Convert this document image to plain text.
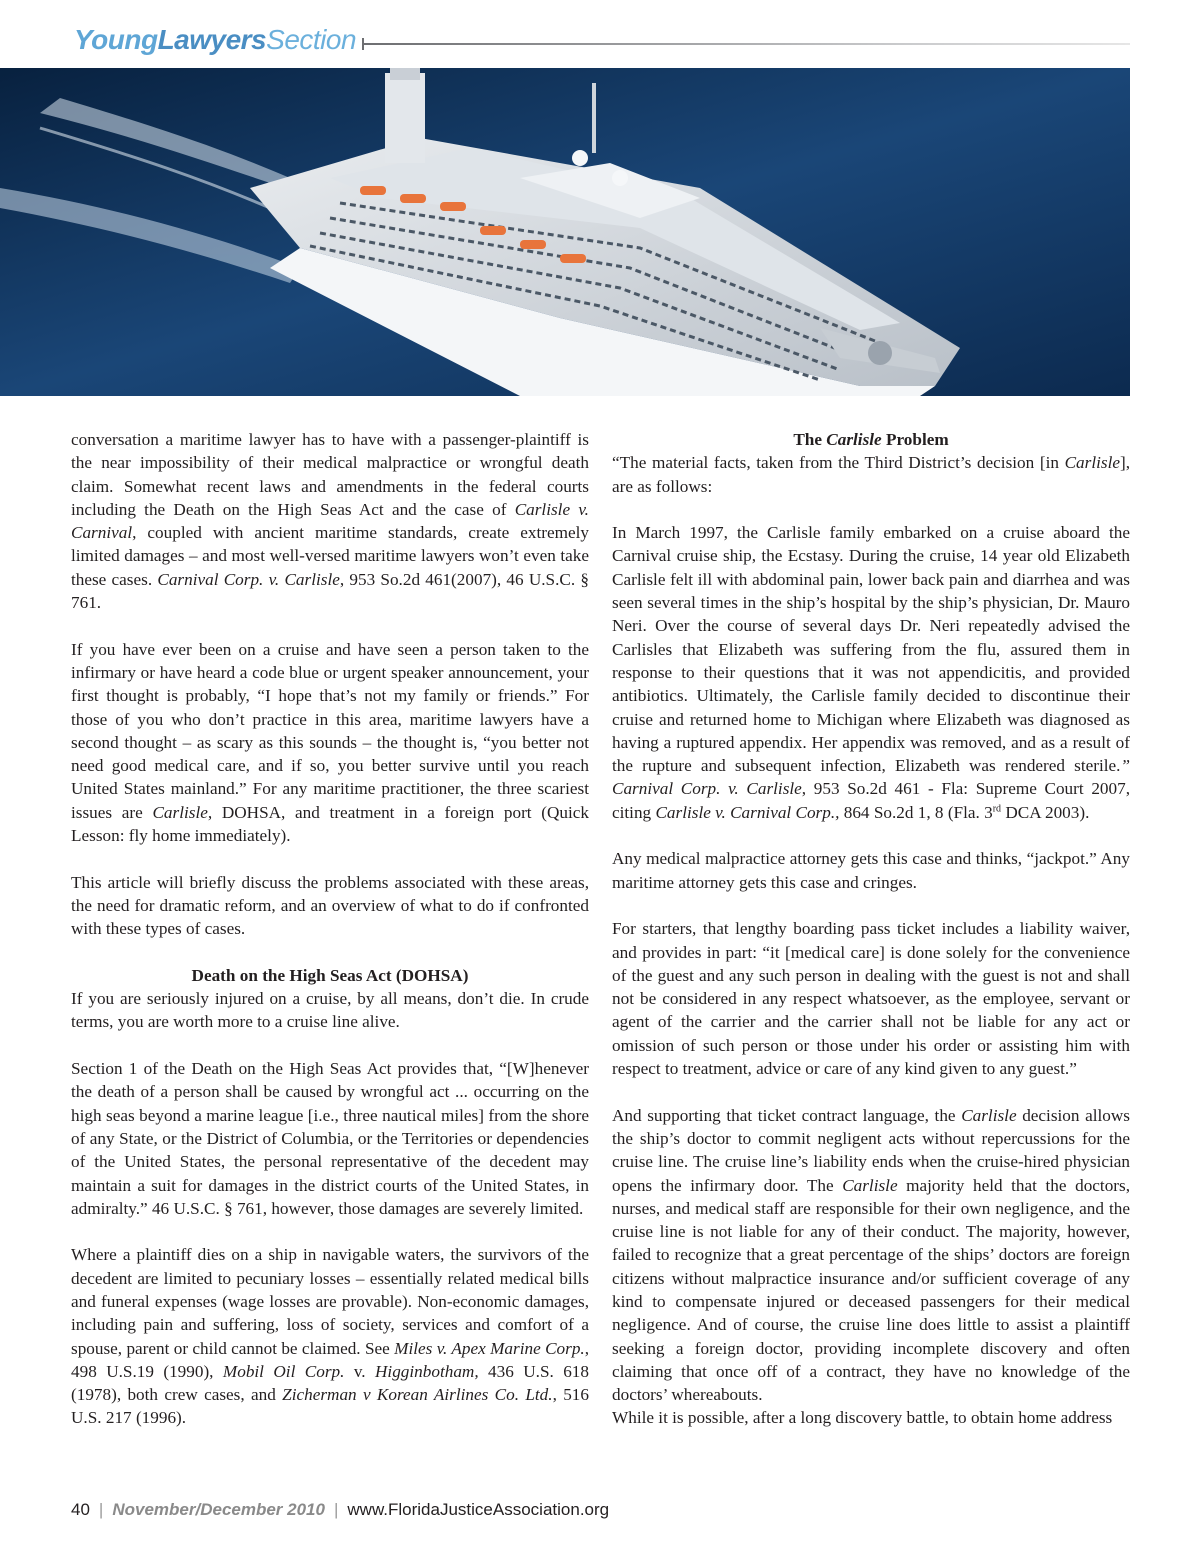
YoungLawyersSection

conversation a maritime lawyer has to have with a passenger-plaintiff is the near impossibility of their medical malpractice or wrongful death claim. Somewhat recent laws and amendments in the federal courts including the Death on the High Seas Act and the case of Carlisle v. Carnival, coupled with ancient maritime standards, create extremely limited damages – and most well-versed maritime lawyers won’t even take these cases. Carnival Corp. v. Carlisle, 953 So.2d 461(2007), 46 U.S.C. § 761.

If you have ever been on a cruise and have seen a person taken to the infirmary or have heard a code blue or urgent speaker announcement, your first thought is probably, “I hope that’s not my family or friends.” For those of you who don’t practice in this area, maritime lawyers have a second thought – as scary as this sounds – the thought is, “you better not need good medical care, and if so, you better survive until you reach United States mainland.” For any maritime practitioner, the three scariest issues are Carlisle, DOHSA, and treatment in a foreign port (Quick Lesson: fly home immediately).

This article will briefly discuss the problems associated with these areas, the need for dramatic reform, and an overview of what to do if confronted with these types of cases.

Death on the High Seas Act (DOHSA)

If you are seriously injured on a cruise, by all means, don’t die. In crude terms, you are worth more to a cruise line alive.

Section 1 of the Death on the High Seas Act provides that, “[W]henever the death of a person shall be caused by wrongful act ... occurring on the high seas beyond a marine league [i.e., three nautical miles] from the shore of any State, or the District of Columbia, or the Territories or dependencies of the United States, the personal representative of the decedent may maintain a suit for damages in the district courts of the United States, in admiralty.” 46 U.S.C. § 761, however, those damages are severely limited.

Where a plaintiff dies on a ship in navigable waters, the survivors of the decedent are limited to pecuniary losses – essentially related medical bills and funeral expenses (wage losses are provable). Non-economic damages, including pain and suffering, loss of society, services and comfort of a spouse, parent or child cannot be claimed. See Miles v. Apex Marine Corp., 498 U.S.19 (1990), Mobil Oil Corp. v. Higginbotham, 436 U.S. 618 (1978), both crew cases, and Zicherman v Korean Airlines Co. Ltd., 516 U.S. 217 (1996).

The Carlisle Problem

“The material facts, taken from the Third District’s decision [in Carlisle], are as follows:

In March 1997, the Carlisle family embarked on a cruise aboard the Carnival cruise ship, the Ecstasy. During the cruise, 14 year old Elizabeth Carlisle felt ill with abdominal pain, lower back pain and diarrhea and was seen several times in the ship’s hospital by the ship’s physician, Dr. Mauro Neri. Over the course of several days Dr. Neri repeatedly advised the Carlisles that Elizabeth was suffering from the flu, assured them in response to their questions that it was not appendicitis, and provided antibiotics. Ultimately, the Carlisle family decided to discontinue their cruise and returned home to Michigan where Elizabeth was diagnosed as having a ruptured appendix. Her appendix was removed, and as a result of the rupture and subsequent infection, Elizabeth was rendered sterile.” Carnival Corp. v. Carlisle, 953 So.2d 461 - Fla: Supreme Court 2007, citing Carlisle v. Carnival Corp., 864 So.2d 1, 8 (Fla. 3rd DCA 2003).

Any medical malpractice attorney gets this case and thinks, “jackpot.” Any maritime attorney gets this case and cringes.

For starters, that lengthy boarding pass ticket includes a liability waiver, and provides in part: “it [medical care] is done solely for the convenience of the guest and any such person in dealing with the guest is not and shall not be considered in any respect whatsoever, as the employee, servant or agent of the carrier and the carrier shall not be liable for any act or omission of such person or those under his order or assisting him with respect to treatment, advice or care of any kind given to any guest.”

And supporting that ticket contract language, the Carlisle decision allows the ship’s doctor to commit negligent acts without repercussions for the cruise line. The cruise line’s liability ends when the cruise-hired physician opens the infirmary door. The Carlisle majority held that the doctors, nurses, and medical staff are responsible for their own negligence, and the cruise line is not liable for any of their conduct. The majority, however, failed to recognize that a great percentage of the ships’ doctors are foreign citizens without malpractice insurance and/or sufficient coverage of any kind to compensate injured or deceased passengers for their medical negligence. And of course, the cruise line does little to assist a plaintiff seeking a foreign doctor, providing incomplete discovery and often claiming that once off of a contract, they have no knowledge of the doctors’ whereabouts.

While it is possible, after a long discovery battle, to obtain home address

40 | November/December 2010 | www.FloridaJusticeAssociation.org
